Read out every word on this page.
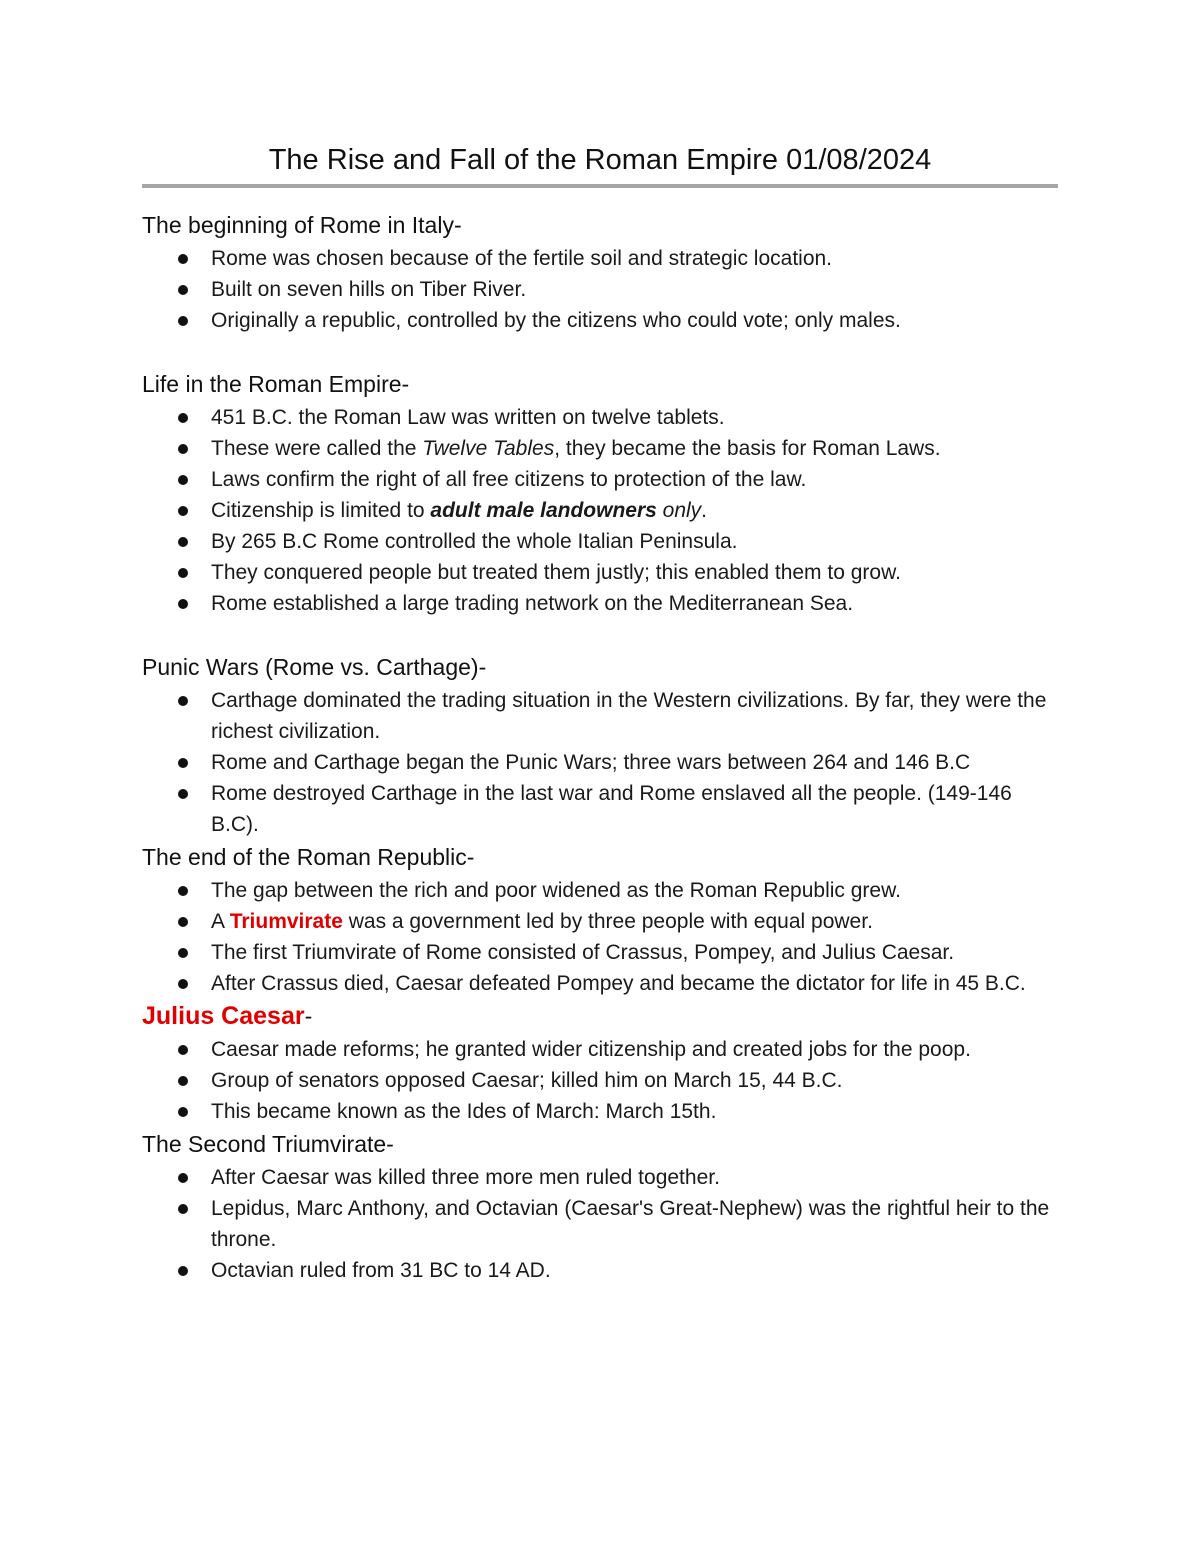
The Rise and Fall of the Roman Empire 01/08/2024
The beginning of Rome in Italy-
Rome was chosen because of the fertile soil and strategic location.
Built on seven hills on Tiber River.
Originally a republic, controlled by the citizens who could vote; only males.
Life in the Roman Empire-
451 B.C. the Roman Law was written on twelve tablets.
These were called the Twelve Tables, they became the basis for Roman Laws.
Laws confirm the right of all free citizens to protection of the law.
Citizenship is limited to adult male landowners only.
By 265 B.C Rome controlled the whole Italian Peninsula.
They conquered people but treated them justly; this enabled them to grow.
Rome established a large trading network on the Mediterranean Sea.
Punic Wars (Rome vs. Carthage)-
Carthage dominated the trading situation in the Western civilizations. By far, they were the richest civilization.
Rome and Carthage began the Punic Wars; three wars between 264 and 146 B.C
Rome destroyed Carthage in the last war and Rome enslaved all the people. (149-146 B.C).
The end of the Roman Republic-
The gap between the rich and poor widened as the Roman Republic grew.
A Triumvirate was a government led by three people with equal power.
The first Triumvirate of Rome consisted of Crassus, Pompey, and Julius Caesar.
After Crassus died, Caesar defeated Pompey and became the dictator for life in 45 B.C.
Julius Caesar-
Caesar made reforms; he granted wider citizenship and created jobs for the poop.
Group of senators opposed Caesar; killed him on March 15, 44 B.C.
This became known as the Ides of March: March 15th.
The Second Triumvirate-
After Caesar was killed three more men ruled together.
Lepidus, Marc Anthony, and Octavian (Caesar's Great-Nephew) was the rightful heir to the throne.
Octavian ruled from 31 BC to 14 AD.
